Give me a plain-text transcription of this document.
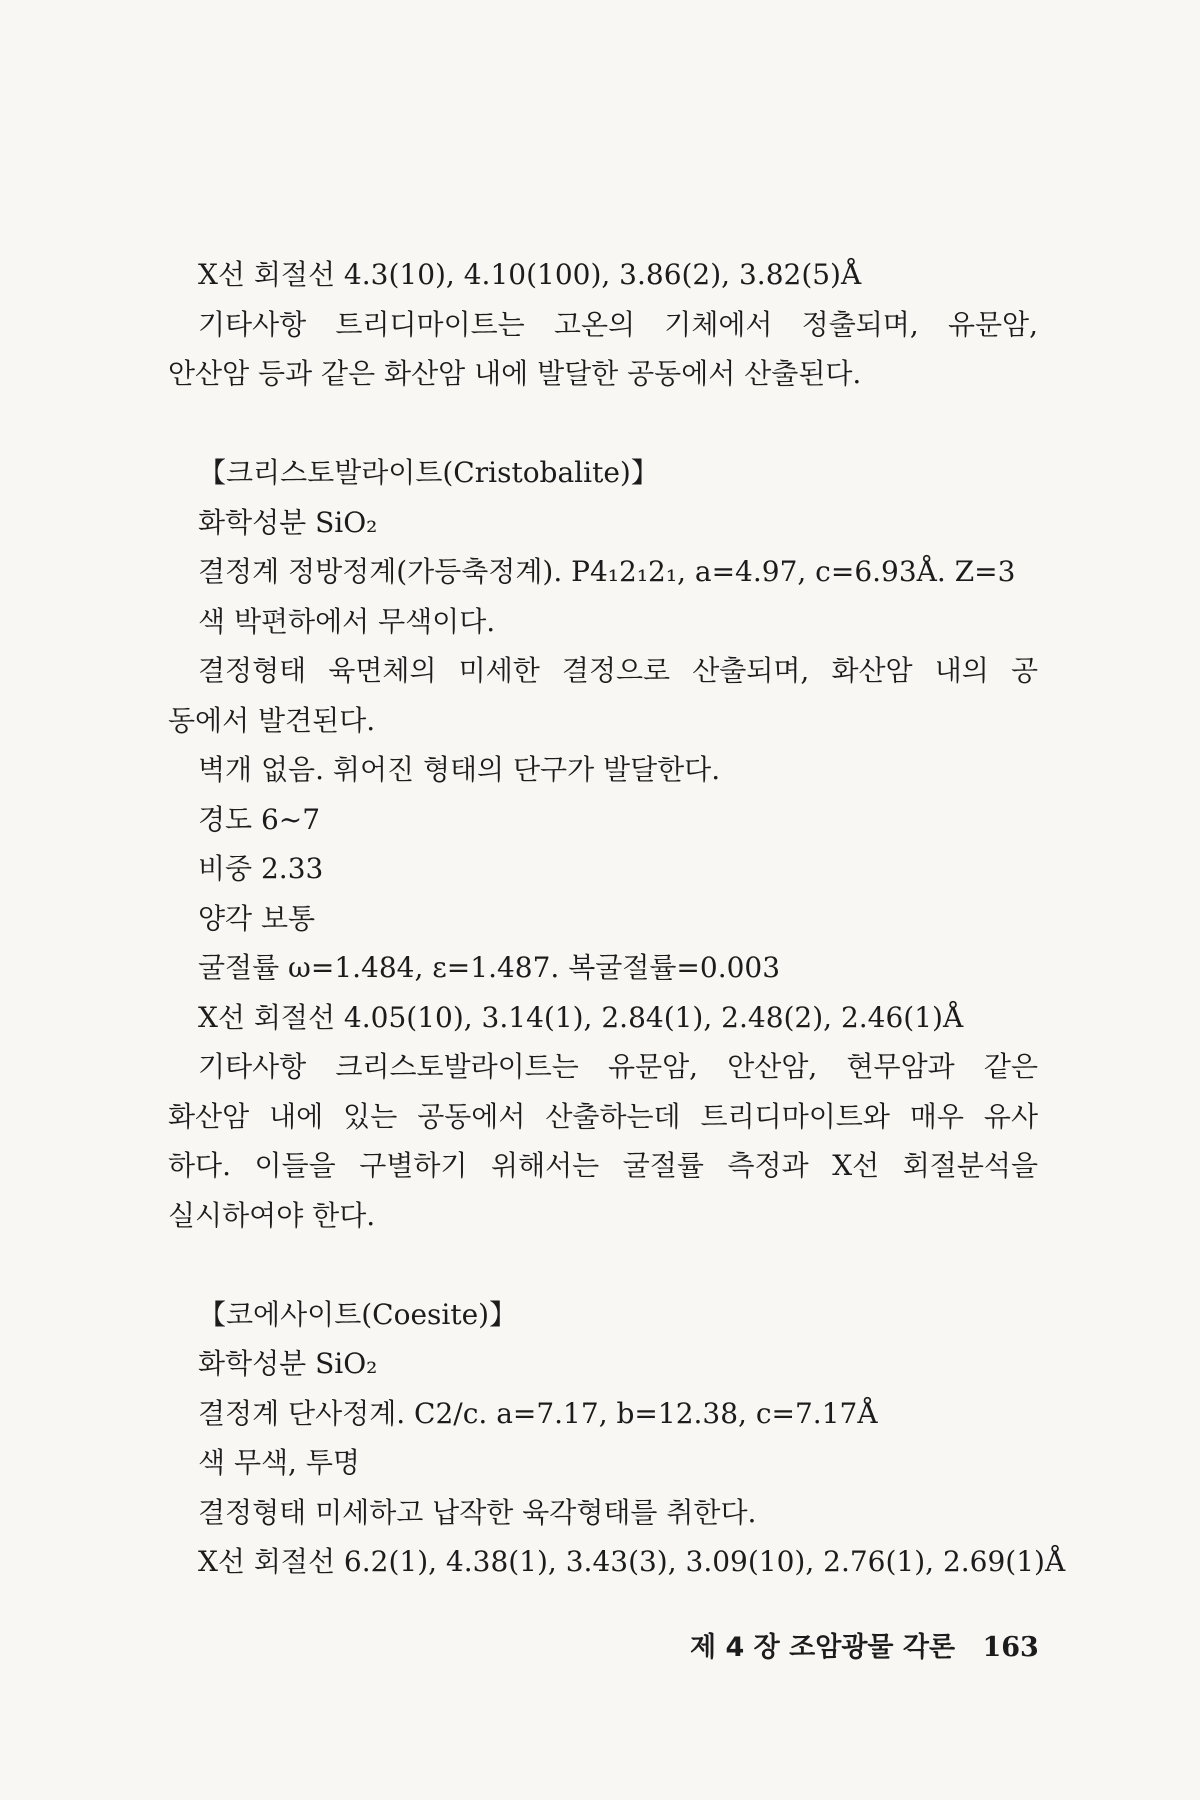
X선 회절선 4.3(10), 4.10(100), 3.86(2), 3.82(5)Å
기타사항 트리디마이트는 고온의 기체에서 정출되며, 유문암,
안산암 등과 같은 화산암 내에 발달한 공동에서 산출된다.
【크리스토발라이트(Cristobalite)】
화학성분 SiO₂
결정계 정방정계(가등축정계). P4₁2₁2₁, a=4.97, c=6.93Å. Z=3
색 박편하에서 무색이다.
결정형태 육면체의 미세한 결정으로 산출되며, 화산암 내의 공
동에서 발견된다.
벽개 없음. 휘어진 형태의 단구가 발달한다.
경도 6~7
비중 2.33
양각 보통
굴절률 ω=1.484, ε=1.487. 복굴절률=0.003
X선 회절선 4.05(10), 3.14(1), 2.84(1), 2.48(2), 2.46(1)Å
기타사항 크리스토발라이트는 유문암, 안산암, 현무암과 같은
화산암 내에 있는 공동에서 산출하는데 트리디마이트와 매우 유사
하다. 이들을 구별하기 위해서는 굴절률 측정과 X선 회절분석을
실시하여야 한다.
【코에사이트(Coesite)】
화학성분 SiO₂
결정계 단사정계. C2/c. a=7.17, b=12.38, c=7.17Å
색 무색, 투명
결정형태 미세하고 납작한 육각형태를 취한다.
X선 회절선 6.2(1), 4.38(1), 3.43(3), 3.09(10), 2.76(1), 2.69(1)Å
제 4 장 조암광물 각론 163
